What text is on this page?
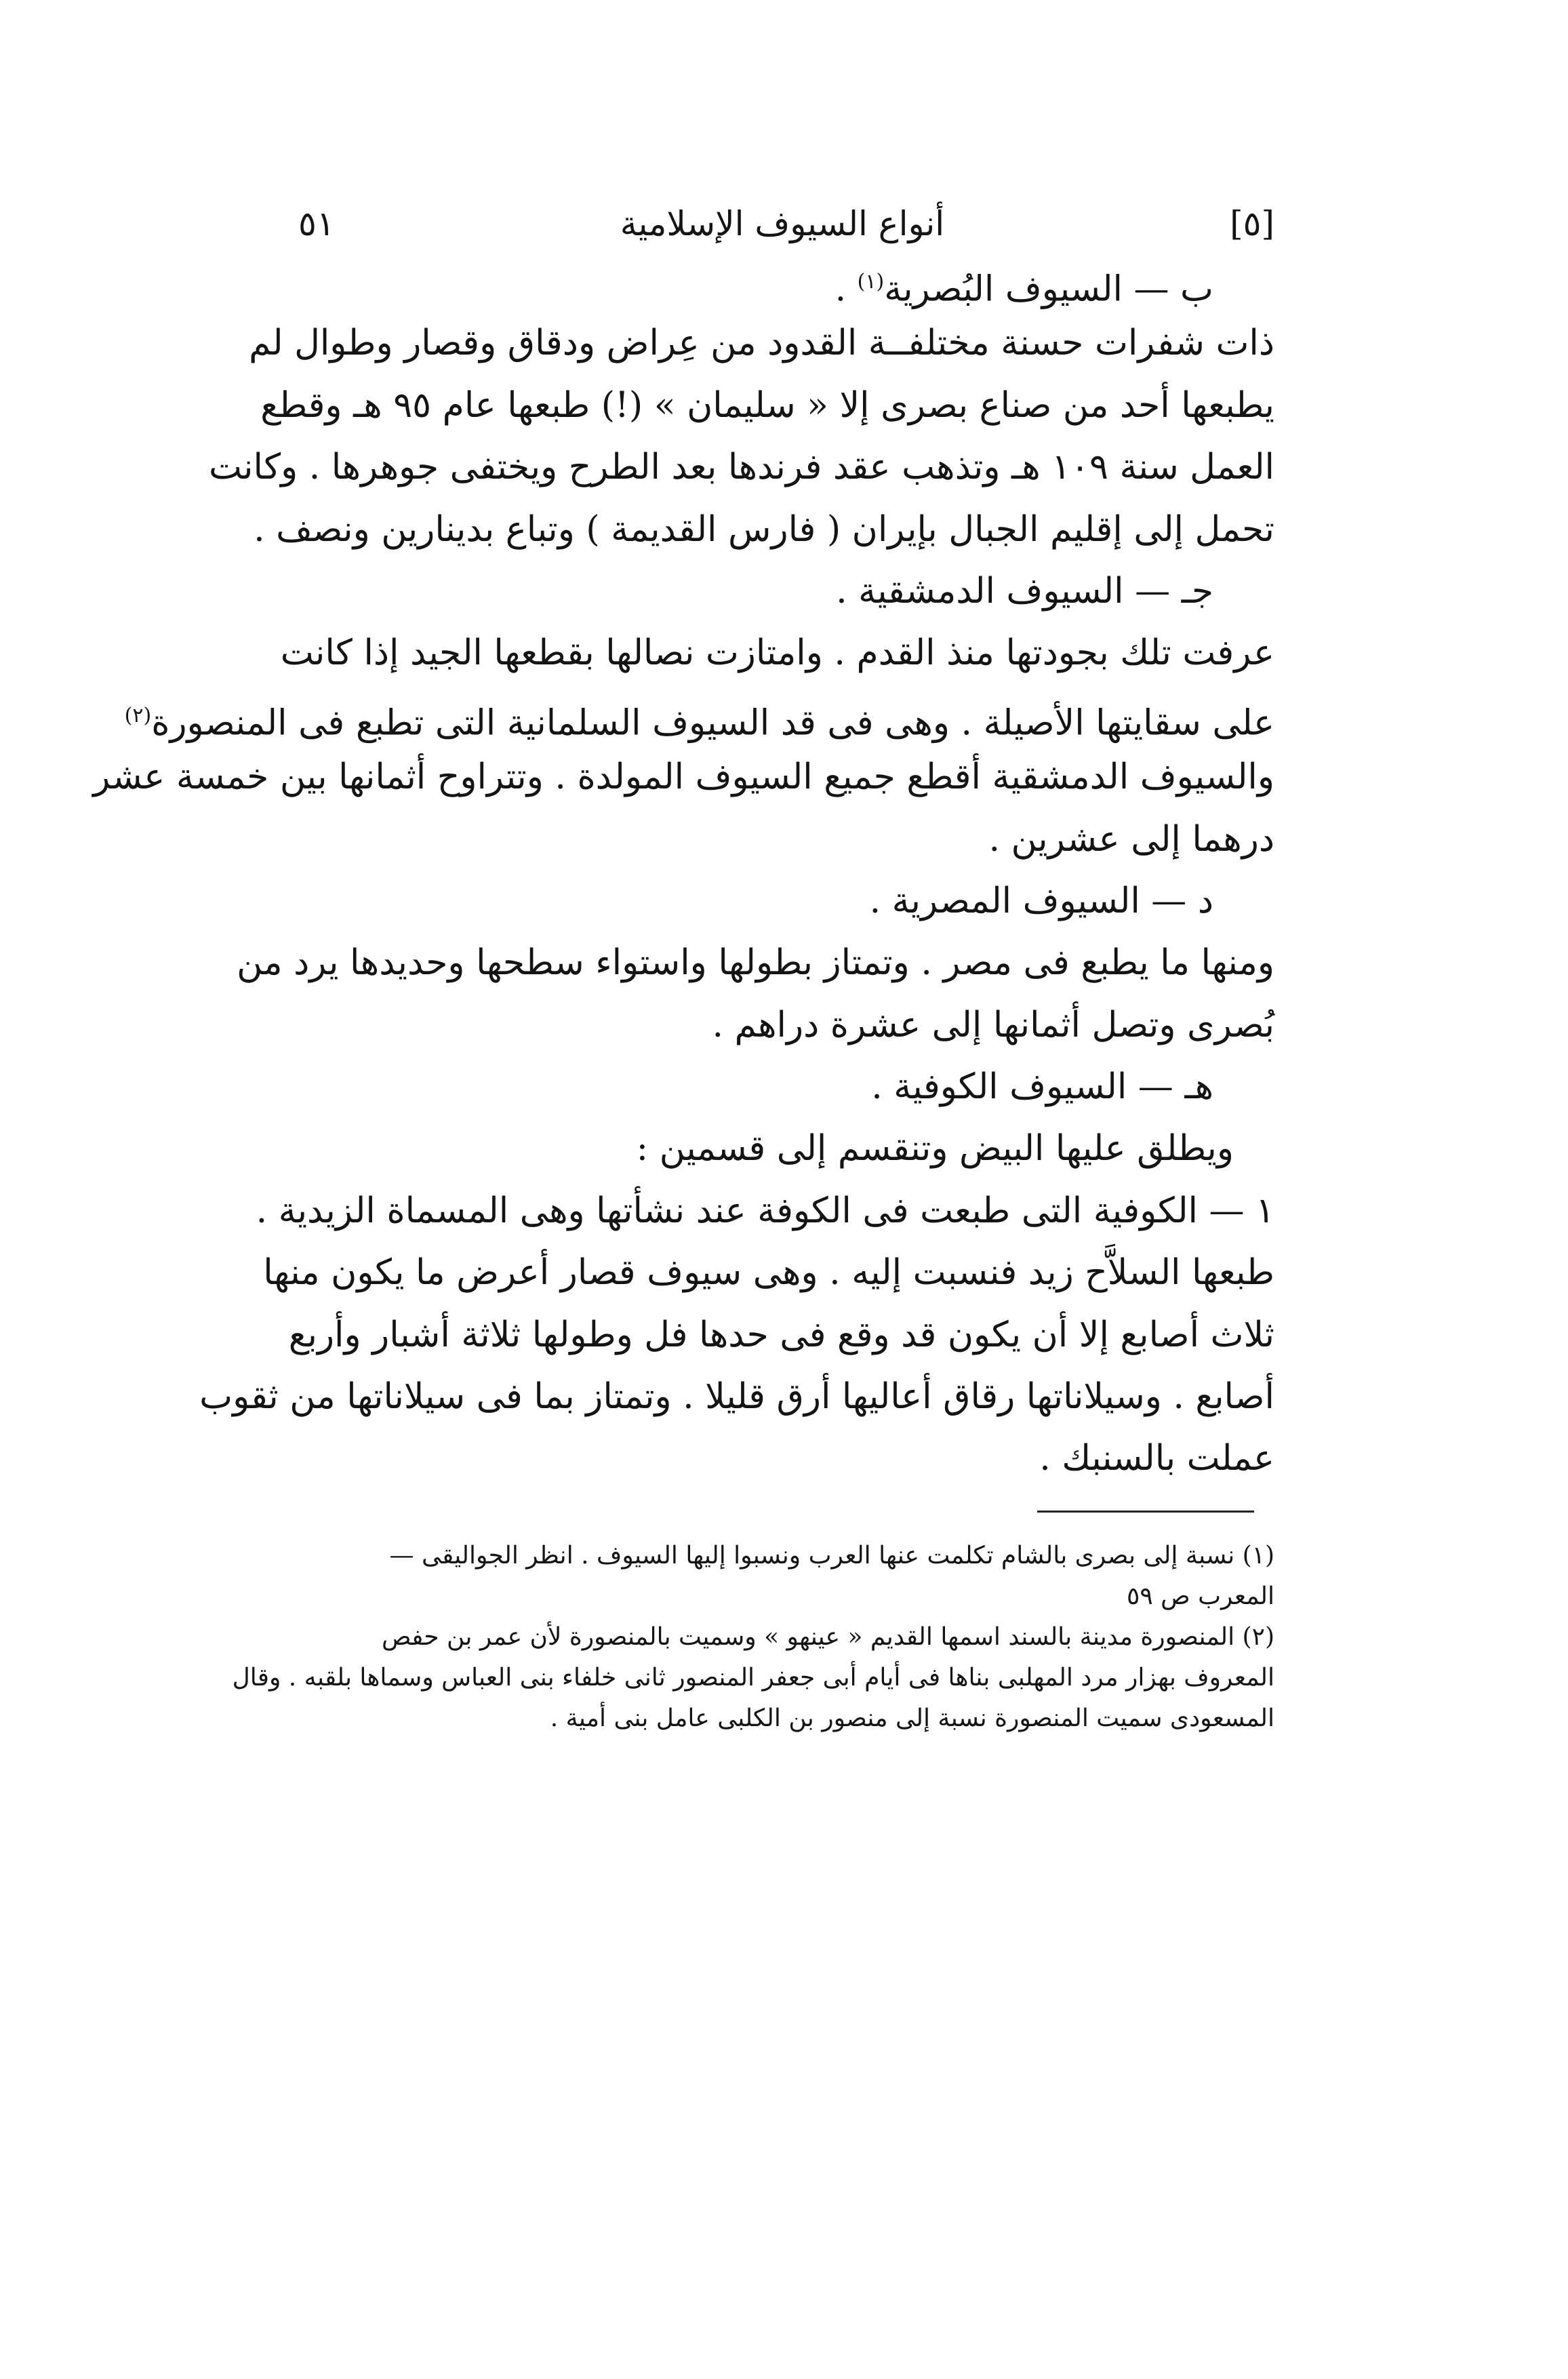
[٥]
أنواع السيوف الإسلامية
٥١
ب — السيوف البُصرية$^{(١)}$ .
ذات شفرات حسنة مختلفــة القدود من عِراض ودقاق وقصار وطوال لم
يطبعها أحد من صناع بصرى إلا « سليمان » (!) طبعها عام ٩٥ هـ وقطع
العمل سنة ١٠٩ هـ وتذهب عقد فرندها بعد الطرح ويختفى جوهرها . وكانت
تحمل إلى إقليم الجبال بإيران ( فارس القديمة ) وتباع بدينارين ونصف .
جـ — السيوف الدمشقية .
عرفت تلك بجودتها منذ القدم . وامتازت نصالها بقطعها الجيد إذا كانت
على سقايتها الأصيلة . وهى فى قد السيوف السلمانية التى تطبع فى المنصورة$^{(٢)}$
والسيوف الدمشقية أقطع جميع السيوف المولدة . وتتراوح أثمانها بين خمسة عشر
درهما إلى عشرين .
د — السيوف المصرية .
ومنها ما يطبع فى مصر . وتمتاز بطولها واستواء سطحها وحديدها يرد من
بُصرى وتصل أثمانها إلى عشرة دراهم .
هـ — السيوف الكوفية .
ويطلق عليها البيض وتنقسم إلى قسمين :
١ — الكوفية التى طبعت فى الكوفة عند نشأتها وهى المسماة الزيدية .
طبعها السلاَّح زيد فنسبت إليه . وهى سيوف قصار أعرض ما يكون منها
ثلاث أصابع إلا أن يكون قد وقع فى حدها فل وطولها ثلاثة أشبار وأربع
أصابع . وسيلاناتها رقاق أعاليها أرق قليلا . وتمتاز بما فى سيلاناتها من ثقوب
عملت بالسنبك .
(١) نسبة إلى بصرى بالشام تكلمت عنها العرب ونسبوا إليها السيوف . انظر الجواليقى —
المعرب ص ٥٩
(٢) المنصورة مدينة بالسند اسمها القديم « عينهو » وسميت بالمنصورة لأن عمر بن حفص
المعروف بهزار مرد المهلبى بناها فى أيام أبى جعفر المنصور ثانى خلفاء بنى العباس وسماها بلقبه . وقال
المسعودى سميت المنصورة نسبة إلى منصور بن الكلبى عامل بنى أمية .
